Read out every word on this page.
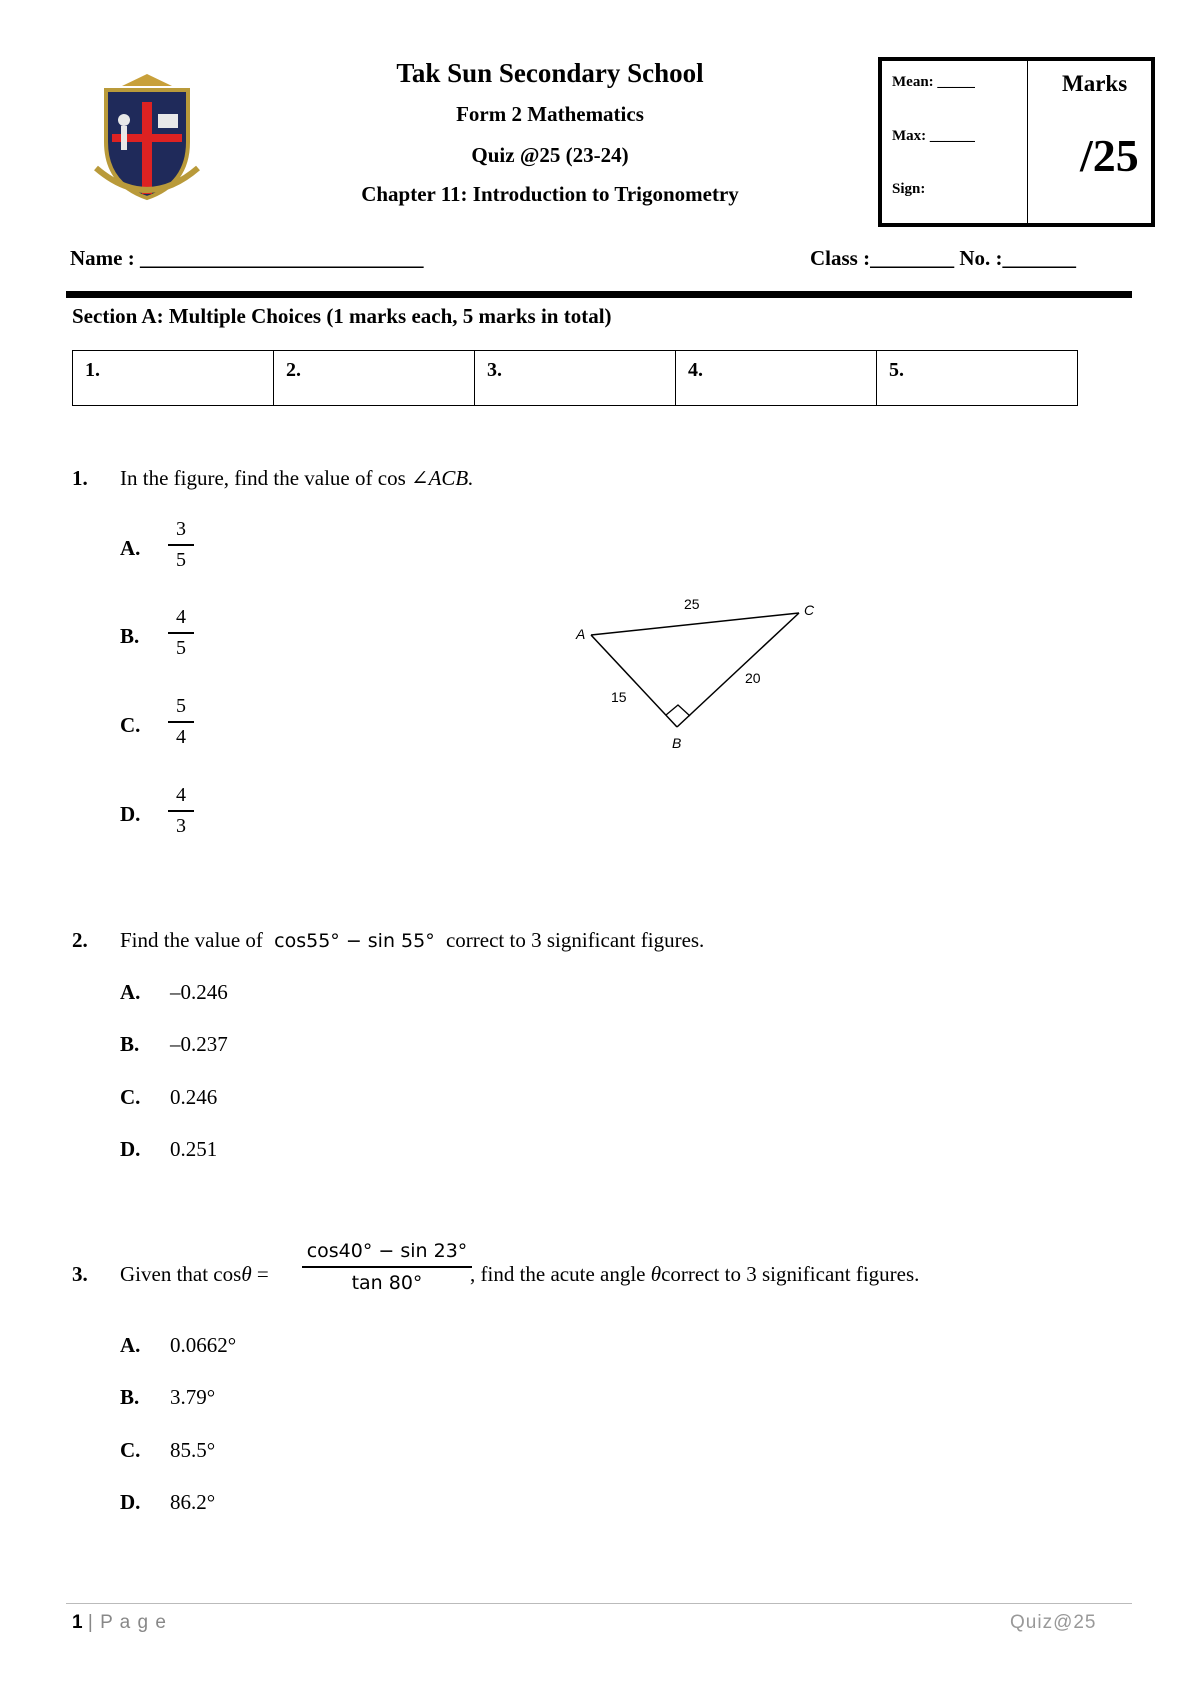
Tak Sun Secondary School
Form 2 Mathematics
Quiz @25 (23-24)
Chapter 11: Introduction to Trigonometry
Mean: _____
Max: ______
Sign:
Marks
/25
Name : ___________________________	Class :________ No. :_______
Section A: Multiple Choices (1 marks each, 5 marks in total)
1.	2.	3.	4.	5.
1. In the figure, find the value of cos ∠ACB.
A.
3
5
B.
4
5
C.
5
4
D.
4
3
A
B
C
25
15
20
2. Find the value of cos55° − sin 55° correct to 3 significant figures.
A. –0.246
B. –0.237
C. 0.246
D. 0.251
3. Given that cosθ =
cos40° − sin 23°
tan 80°	, find the acute angle θcorrect to 3 significant figures.
A. 0.0662°
B. 3.79°
C. 85.5°
D. 86.2°
1 | P a g e	Quiz@25
